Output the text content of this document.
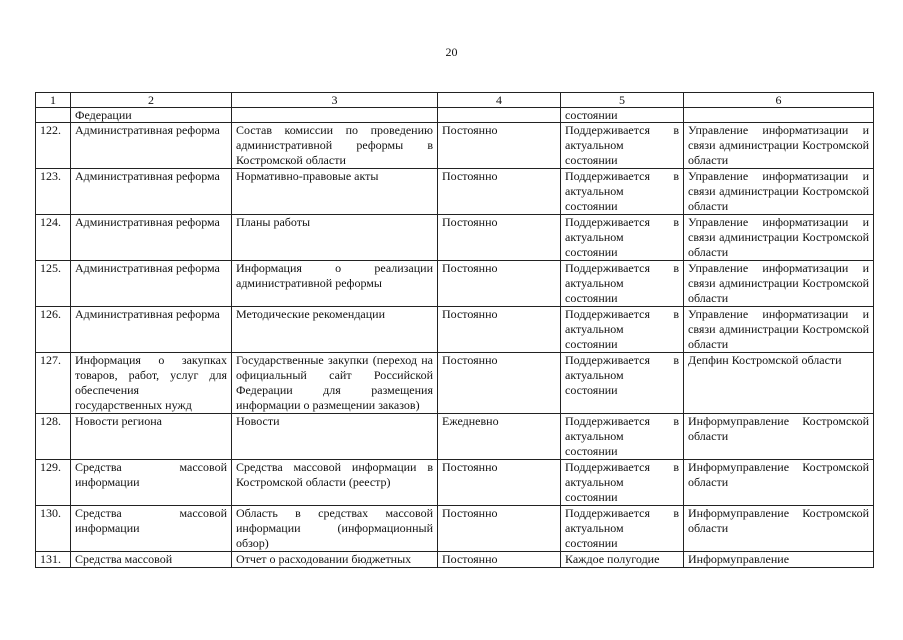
20
1	2	3	4	5	6
	Федерации			состоянии	
122.	Административная реформа	Состав комиссии по проведению административной реформы в Костромской области	Постоянно	Поддерживается в актуальном состоянии	Управление информатизации и связи администрации Костромской области
123.	Административная реформа	Нормативно-правовые акты	Постоянно	Поддерживается в актуальном состоянии	Управление информатизации и связи администрации Костромской области
124.	Административная реформа	Планы работы	Постоянно	Поддерживается в актуальном состоянии	Управление информатизации и связи администрации Костромской области
125.	Административная реформа	Информация о реализации административной реформы	Постоянно	Поддерживается в актуальном состоянии	Управление информатизации и связи администрации Костромской области
126.	Административная реформа	Методические рекомендации	Постоянно	Поддерживается в актуальном состоянии	Управление информатизации и связи администрации Костромской области
127.	Информация о закупках товаров, работ, услуг для обеспечения государственных нужд	Государственные закупки (переход на официальный сайт Российской Федерации для размещения информации о размещении заказов)	Постоянно	Поддерживается в актуальном состоянии	Депфин Костромской области
128.	Новости региона	Новости	Ежедневно	Поддерживается в актуальном состоянии	Информуправление Костромской области
129.	Средства массовой информации	Средства массовой информации в Костромской области (реестр)	Постоянно	Поддерживается в актуальном состоянии	Информуправление Костромской области
130.	Средства массовой информации	Область в средствах массовой информации (информационный обзор)	Постоянно	Поддерживается в актуальном состоянии	Информуправление Костромской области
131.	Средства массовой	Отчет о расходовании бюджетных	Постоянно	Каждое полугодие	Информуправление
